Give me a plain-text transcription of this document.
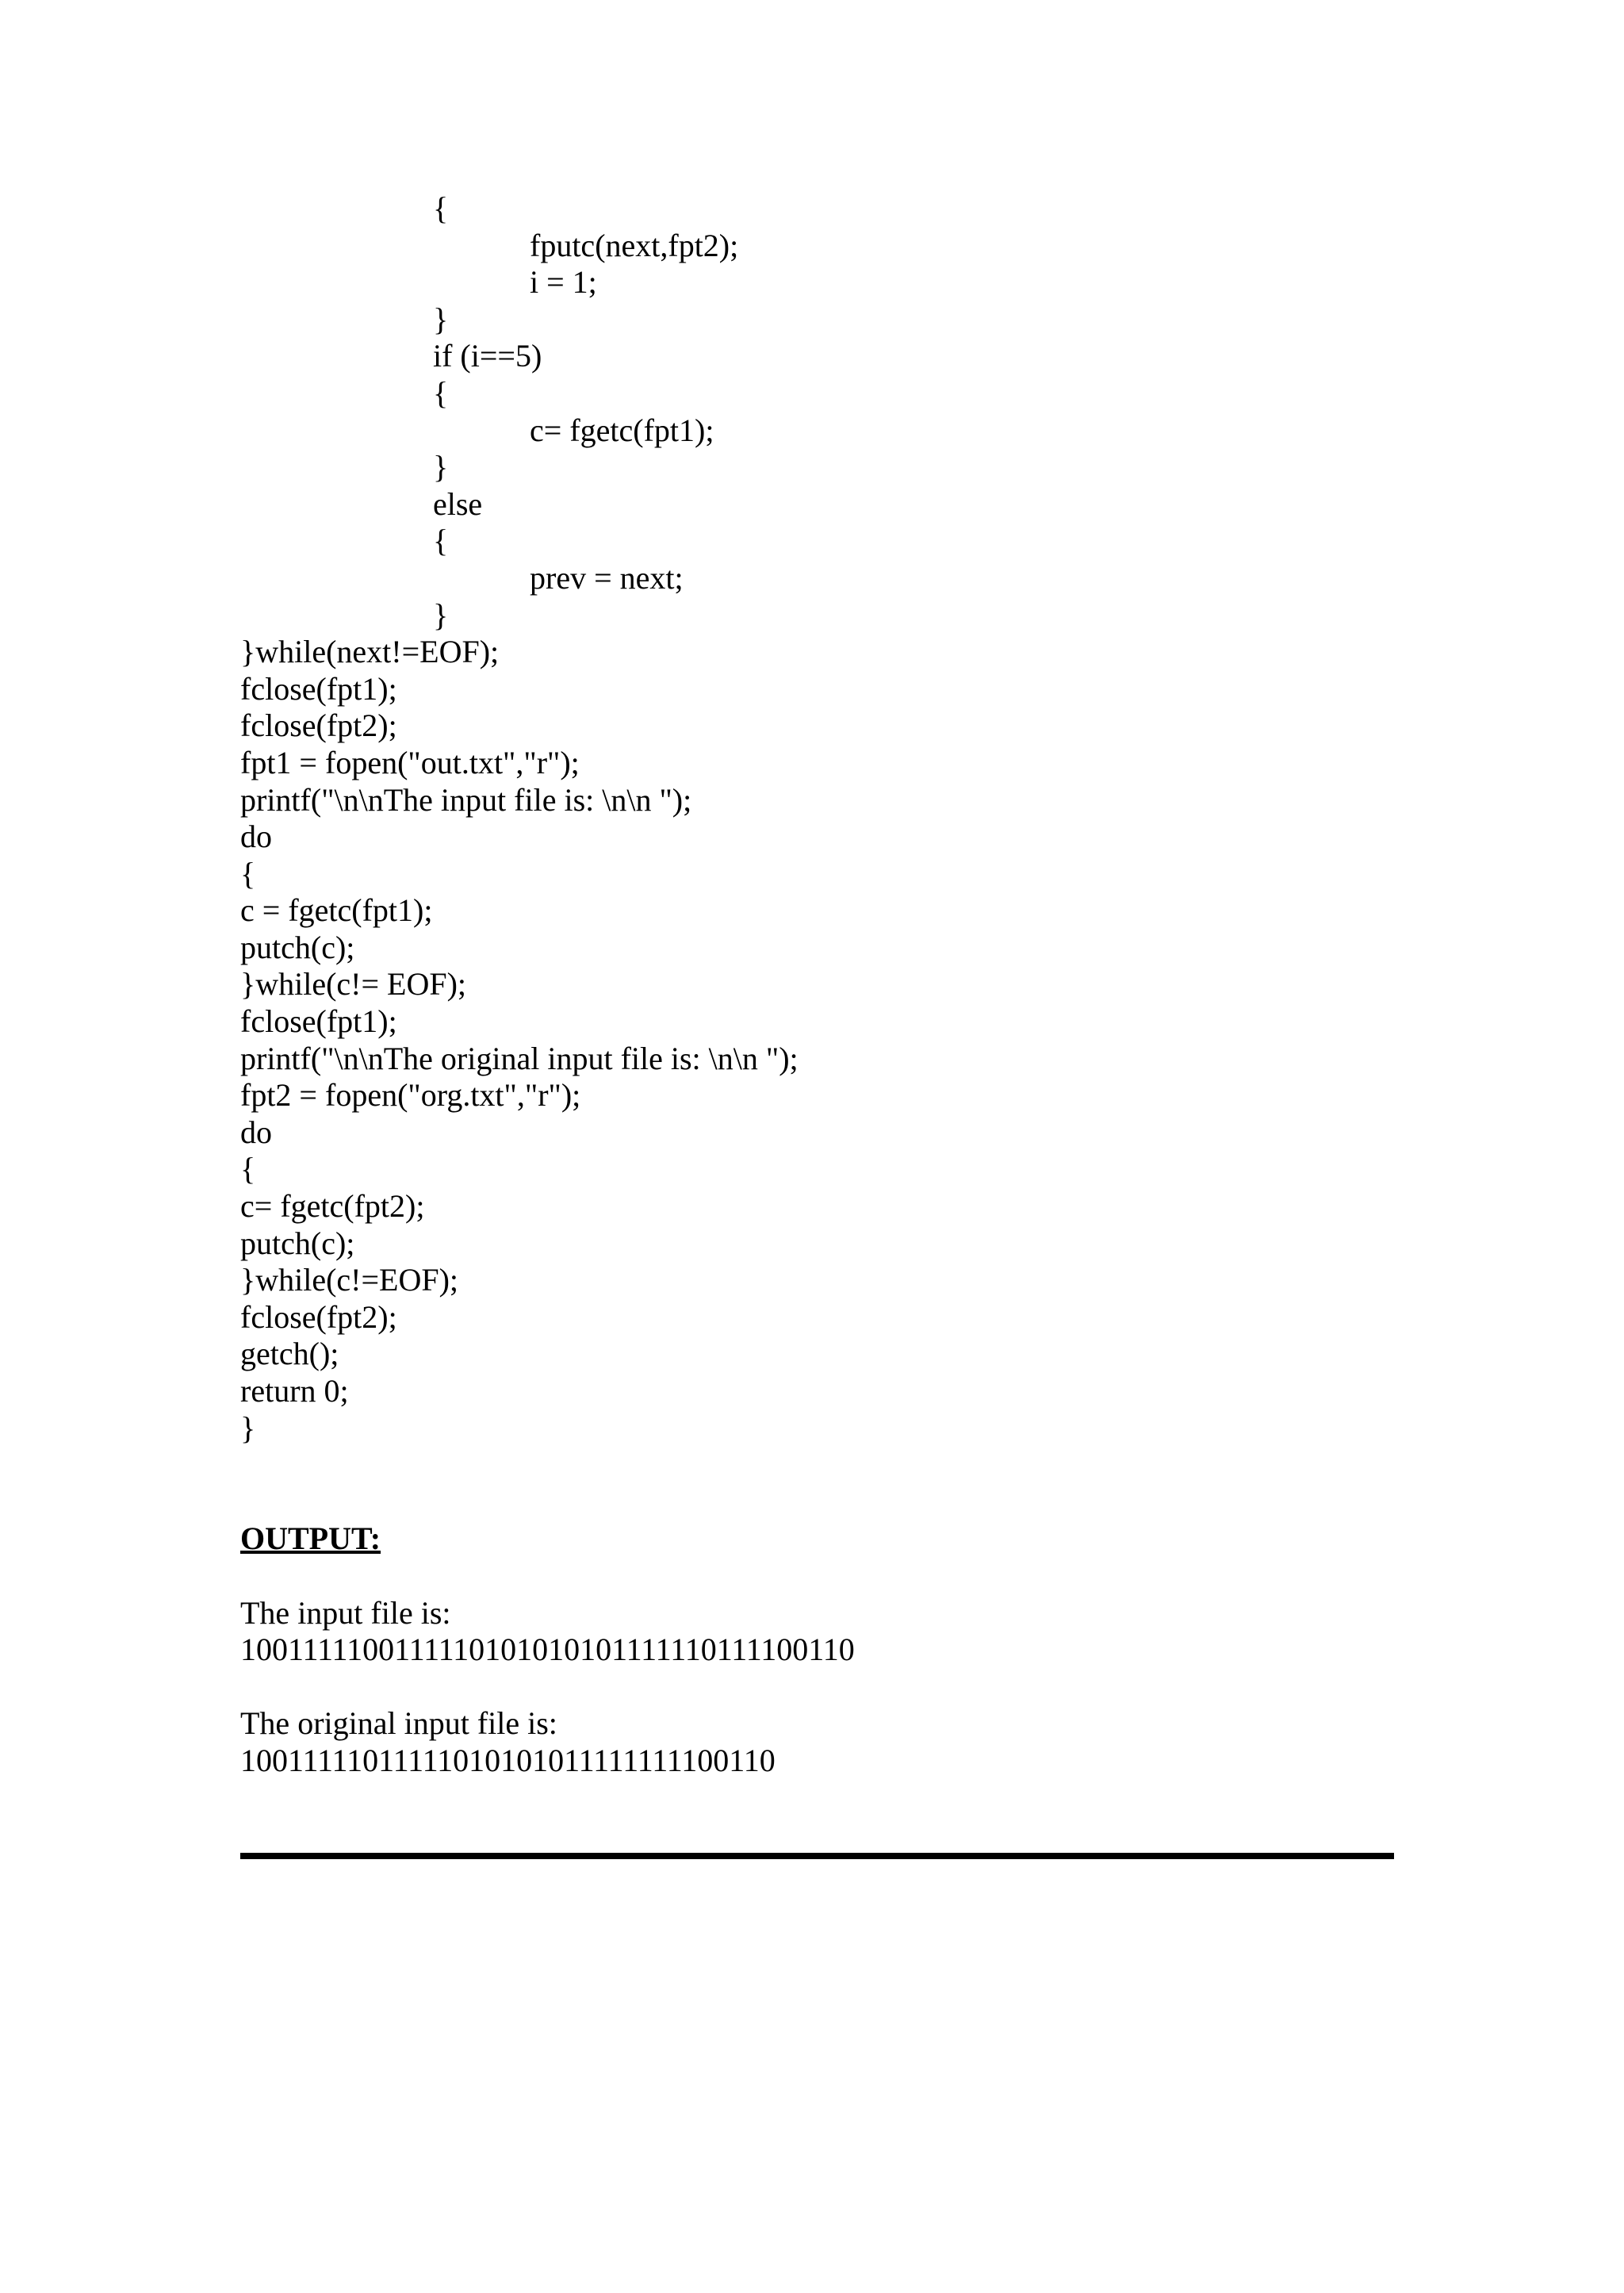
{
fputc(next,fpt2);
i = 1;
}
if (i==5)
{
c= fgetc(fpt1);
}
else
{
prev = next;
}
}while(next!=EOF);
fclose(fpt1);
fclose(fpt2);
fpt1 = fopen("out.txt","r");
printf("\n\nThe input file is: \n\n ");
do
{
c = fgetc(fpt1);
putch(c);
}while(c!= EOF);
fclose(fpt1);
printf("\n\nThe original input file is: \n\n ");
fpt2 = fopen("org.txt","r");
do
{
c= fgetc(fpt2);
putch(c);
}while(c!=EOF);
fclose(fpt2);
getch();
return 0;
}
OUTPUT:
The input file is:
1001111100111110101010101111110111100110
The original input file is:
10011111011111010101011111111100110
